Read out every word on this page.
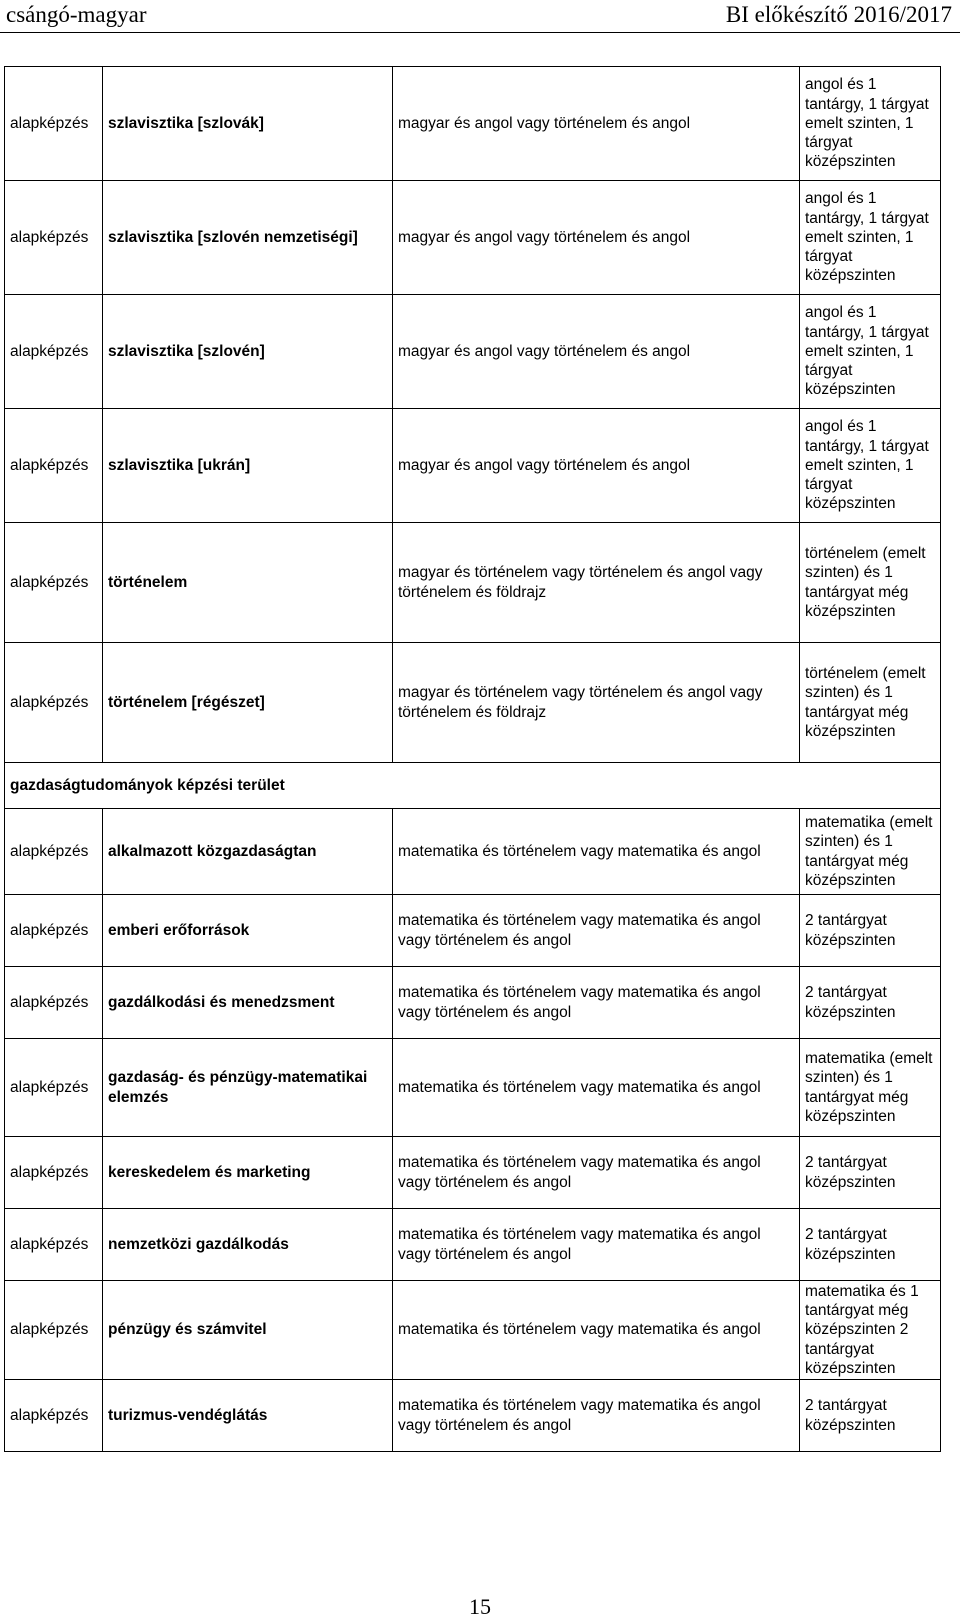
csángó-magyar	BI előkészítő 2016/2017
alapképzés	szlavisztika [szlovák]	magyar és angol vagy történelem és angol	angol és 1 tantárgy, 1 tárgyat emelt szinten, 1 tárgyat középszinten
alapképzés	szlavisztika [szlovén nemzetiségi]	magyar és angol vagy történelem és angol	angol és 1 tantárgy, 1 tárgyat emelt szinten, 1 tárgyat középszinten
alapképzés	szlavisztika [szlovén]	magyar és angol vagy történelem és angol	angol és 1 tantárgy, 1 tárgyat emelt szinten, 1 tárgyat középszinten
alapképzés	szlavisztika [ukrán]	magyar és angol vagy történelem és angol	angol és 1 tantárgy, 1 tárgyat emelt szinten, 1 tárgyat középszinten
alapképzés	történelem	magyar és történelem vagy történelem és angol vagy történelem és földrajz	történelem (emelt szinten) és 1 tantárgyat még középszinten
alapképzés	történelem [régészet]	magyar és történelem vagy történelem és angol vagy történelem és földrajz	történelem (emelt szinten) és 1 tantárgyat még középszinten
gazdaságtudományok képzési terület			
alapképzés	alkalmazott közgazdaságtan	matematika és történelem vagy matematika és angol	matematika (emelt szinten) és 1 tantárgyat még középszinten
alapképzés	emberi erőforrások	matematika és történelem vagy matematika és angol vagy történelem és angol	2 tantárgyat középszinten
alapképzés	gazdálkodási és menedzsment	matematika és történelem vagy matematika és angol vagy történelem és angol	2 tantárgyat középszinten
alapképzés	gazdaság- és pénzügy-matematikai elemzés	matematika és történelem vagy matematika és angol	matematika (emelt szinten) és 1 tantárgyat még középszinten
alapképzés	kereskedelem és marketing	matematika és történelem vagy matematika és angol vagy történelem és angol	2 tantárgyat középszinten
alapképzés	nemzetközi gazdálkodás	matematika és történelem vagy matematika és angol vagy történelem és angol	2 tantárgyat középszinten
alapképzés	pénzügy és számvitel	matematika és történelem vagy matematika és angol	matematika és 1 tantárgyat még középszinten 2 tantárgyat középszinten
alapképzés	turizmus-vendéglátás	matematika és történelem vagy matematika és angol vagy történelem és angol	2 tantárgyat középszinten
15
